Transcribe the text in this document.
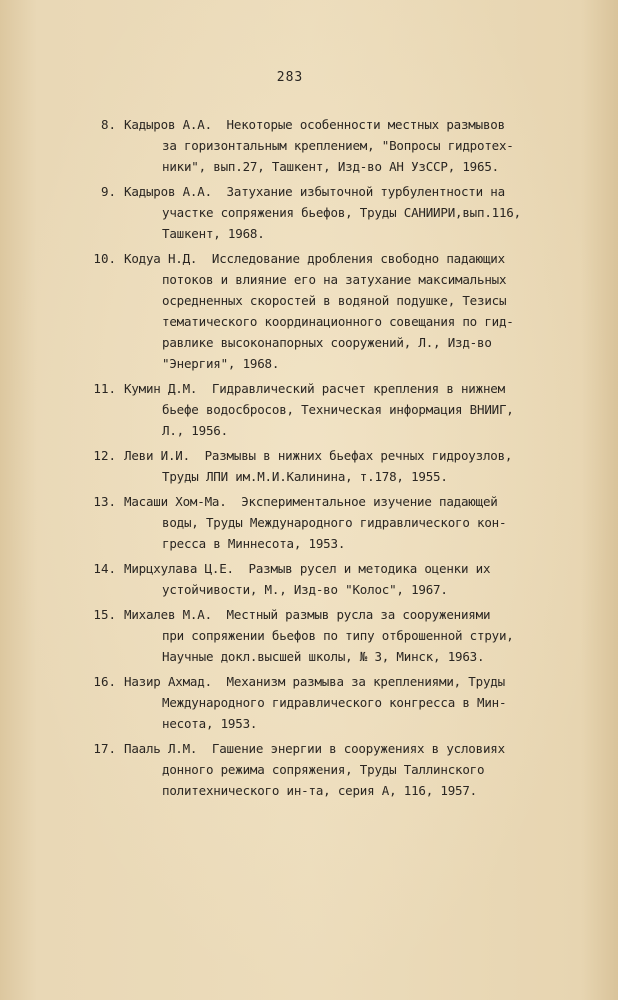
283
8. Кадыров А.А.  Некоторые особенности местных размывов
за горизонтальным креплением, "Вопросы гидротех-
ники", вып.27, Ташкент, Изд-во АН УзССР, 1965.
9. Кадыров А.А.  Затухание избыточной турбулентности на
участке сопряжения бьефов, Труды САНИИРИ,вып.116,
Ташкент, 1968.
10. Кодуа Н.Д.  Исследование дробления свободно падающих
потоков и влияние его на затухание максимальных
осредненных скоростей в водяной подушке, Тезисы
тематического координационного совещания по гид-
равлике высоконапорных сооружений, Л., Изд-во
"Энергия", 1968.
11. Кумин Д.М.  Гидравлический расчет крепления в нижнем
бьефе водосбросов, Техническая информация ВНИИГ,
Л., 1956.
12. Леви И.И.  Размывы в нижних бьефах речных гидроузлов,
Труды ЛПИ им.М.И.Калинина, т.178, 1955.
13. Масаши Хом-Ма.  Экспериментальное изучение падающей
воды, Труды Международного гидравлического кон-
гресса в Миннесота, 1953.
14. Мирцхулава Ц.Е.  Размыв русел и методика оценки их
устойчивости, М., Изд-во "Колос", 1967.
15. Михалев М.А.  Местный размыв русла за сооружениями
при сопряжении бьефов по типу отброшенной струи,
Научные докл.высшей школы, № 3, Минск, 1963.
16. Назир Ахмад.  Механизм размыва за креплениями, Труды
Международного гидравлического конгресса в Мин-
несота, 1953.
17. Пааль Л.М.  Гашение энергии в сооружениях в условиях
донного режима сопряжения, Труды Таллинского
политехнического ин-та, серия А, 116, 1957.
